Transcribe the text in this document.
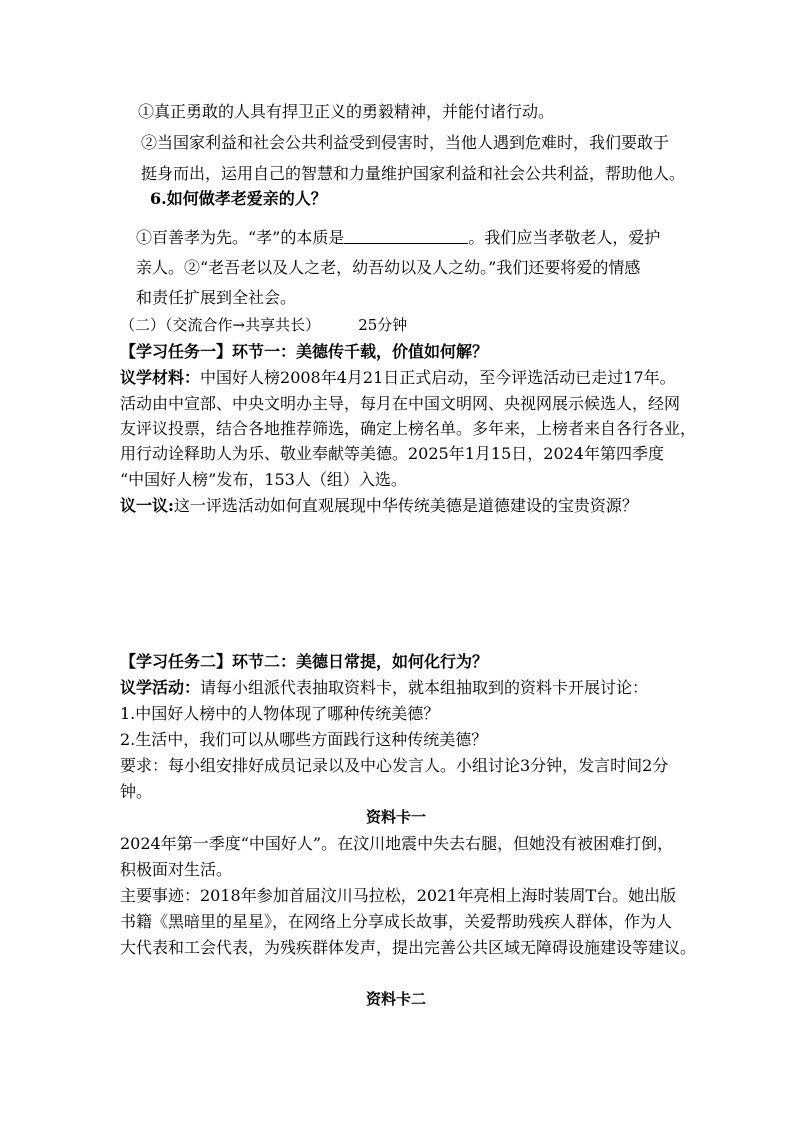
①真正勇敢的人具有捍卫正义的勇毅精神，并能付诸行动。
②当国家利益和社会公共利益受到侵害时，当他人遇到危难时，我们要敢于
挺身而出，运用自己的智慧和力量维护国家利益和社会公共利益，帮助他人。
6.如何做孝老爱亲的人？
①百善孝为先。“孝”的本质是	。我们应当孝敬老人，爱护
亲人。②“老吾老以及人之老，幼吾幼以及人之幼。”我们还要将爱的情感
和责任扩展到全社会。
（二）（交流合作→共享共长）        25分钟
【学习任务一】环节一：美德传千载，价值如何解？
议学材料：中国好人榜2008年4月21日正式启动，至今评选活动已走过17年。
活动由中宣部、中央文明办主导，每月在中国文明网、央视网展示候选人，经网
友评议投票，结合各地推荐筛选，确定上榜名单。多年来，上榜者来自各行各业，
用行动诠释助人为乐、敬业奉献等美德。2025年1月15日，2024年第四季度
“中国好人榜”发布，153人（组）入选。
议一议:这一评选活动如何直观展现中华传统美德是道德建设的宝贵资源？
【学习任务二】环节二：美德日常提，如何化行为？
议学活动：请每小组派代表抽取资料卡，就本组抽取到的资料卡开展讨论：
1.中国好人榜中的人物体现了哪种传统美德？
2.生活中，我们可以从哪些方面践行这种传统美德？
要求：每小组安排好成员记录以及中心发言人。小组讨论3分钟，发言时间2分
钟。
资料卡一
2024年第一季度“中国好人”。在汶川地震中失去右腿，但她没有被困难打倒，
积极面对生活。
主要事迹：2018年参加首届汶川马拉松，2021年亮相上海时装周T台。她出版
书籍《黑暗里的星星》，在网络上分享成长故事，关爱帮助残疾人群体，作为人
大代表和工会代表，为残疾群体发声，提出完善公共区域无障碍设施建设等建议。
资料卡二
